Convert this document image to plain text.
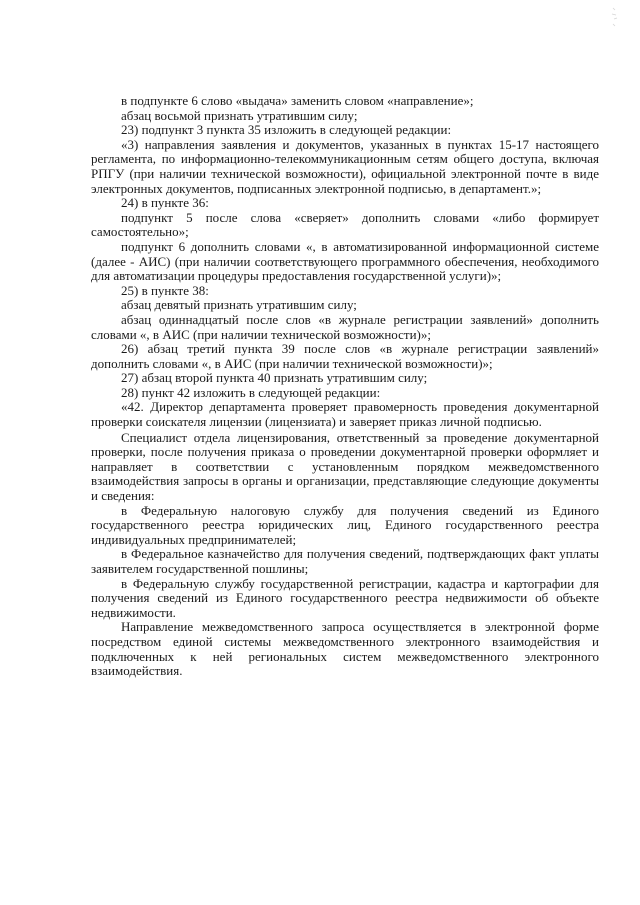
в подпункте 6 слово «выдача» заменить словом «направление»;

абзац восьмой признать утратившим силу;

23) подпункт 3 пункта 35 изложить в следующей редакции:

«3) направления заявления и документов, указанных в пунктах 15-17 настоящего регламента, по информационно-телекоммуникационным сетям общего доступа, включая РПГУ (при наличии технической возможности), официальной электронной почте в виде электронных документов, подписанных электронной подписью, в департамент.»;

24) в пункте 36:

подпункт 5 после слова «сверяет» дополнить словами «либо формирует самостоятельно»;

подпункт 6 дополнить словами «, в автоматизированной информационной системе (далее - АИС) (при наличии соответствующего программного обеспечения, необходимого для автоматизации процедуры предоставления государственной услуги)»;

25) в пункте 38:

абзац девятый признать утратившим силу;

абзац одиннадцатый после слов «в журнале регистрации заявлений» дополнить словами «, в АИС (при наличии технической возможности)»;

26) абзац третий пункта 39 после слов «в журнале регистрации заявлений» дополнить словами «, в АИС (при наличии технической возможности)»;

27) абзац второй пункта 40 признать утратившим силу;

28) пункт 42 изложить в следующей редакции:

«42. Директор департамента проверяет правомерность проведения документарной проверки соискателя лицензии (лицензиата) и заверяет приказ личной подписью.

Специалист отдела лицензирования, ответственный за проведение документарной проверки, после получения приказа о проведении документарной проверки оформляет и направляет в соответствии с установленным порядком межведомственного взаимодействия запросы в органы и организации, представляющие следующие документы и сведения:

в Федеральную налоговую службу для получения сведений из Единого государственного реестра юридических лиц, Единого государственного реестра индивидуальных предпринимателей;

в Федеральное казначейство для получения сведений, подтверждающих факт уплаты заявителем государственной пошлины;

в Федеральную службу государственной регистрации, кадастра и картографии для получения сведений из Единого государственного реестра недвижимости об объекте недвижимости.

Направление межведомственного запроса осуществляется в электронной форме посредством единой системы межведомственного электронного взаимодействия и подключенных к ней региональных систем межведомственного электронного взаимодействия.
